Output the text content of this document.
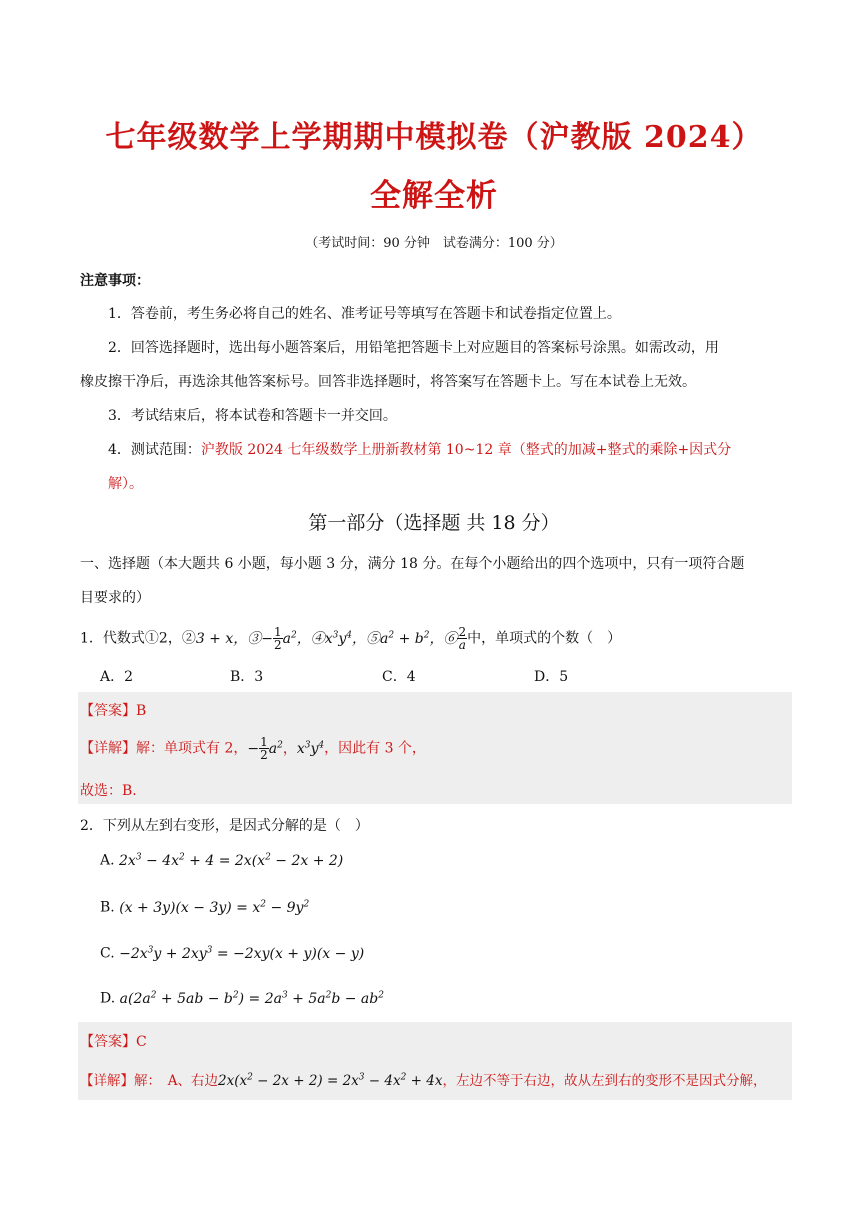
七年级数学上学期期中模拟卷（沪教版 2024）
全解全析
（考试时间：90 分钟　试卷满分：100 分）
注意事项：
1．答卷前，考生务必将自己的姓名、准考证号等填写在答题卡和试卷指定位置上。
2．回答选择题时，选出每小题答案后，用铅笔把答题卡上对应题目的答案标号涂黑。如需改动，用
橡皮擦干净后，再选涂其他答案标号。回答非选择题时，将答案写在答题卡上。写在本试卷上无效。
3．考试结束后，将本试卷和答题卡一并交回。
4．测试范围：沪教版 2024 七年级数学上册新教材第 10~12 章（整式的加减+整式的乘除+因式分
解）。
第一部分（选择题 共 18 分）
一、选择题（本大题共 6 小题，每小题 3 分，满分 18 分。在每个小题给出的四个选项中，只有一项符合题
目要求的）
1．代数式①2，②3 + x，③− $\frac{1}{2} a^2$，$④x^3y^4$，$⑤a^2 + b^2$，⑥ $\frac{2}{a}$ 中，单项式的个数（　）
A．2	B．3	C．4	D．5
【答案】B
【详解】解：单项式有 2，− $\frac{1}{2} a^2$，$x^3y^4$，因此有 3 个，
故选：B.
2．下列从左到右变形，是因式分解的是（　）
A. $2x^3 - 4x^2 + 4 = 2x(x^2 - 2x + 2)$
B. $(x + 3y)(x - 3y) = x^2 - 9y^2$
C. $-2x^3y + 2xy^3 = -2xy(x + y)(x - y)$
D. $a(2a^2 + 5ab - b^2) = 2a^3 + 5a^2b - ab^2$
【答案】C
【详解】解：　A、右边$2x(x^2 - 2x + 2) = 2x^3 - 4x^2 + 4x$，左边不等于右边，故从左到右的变形不是因式分解，
